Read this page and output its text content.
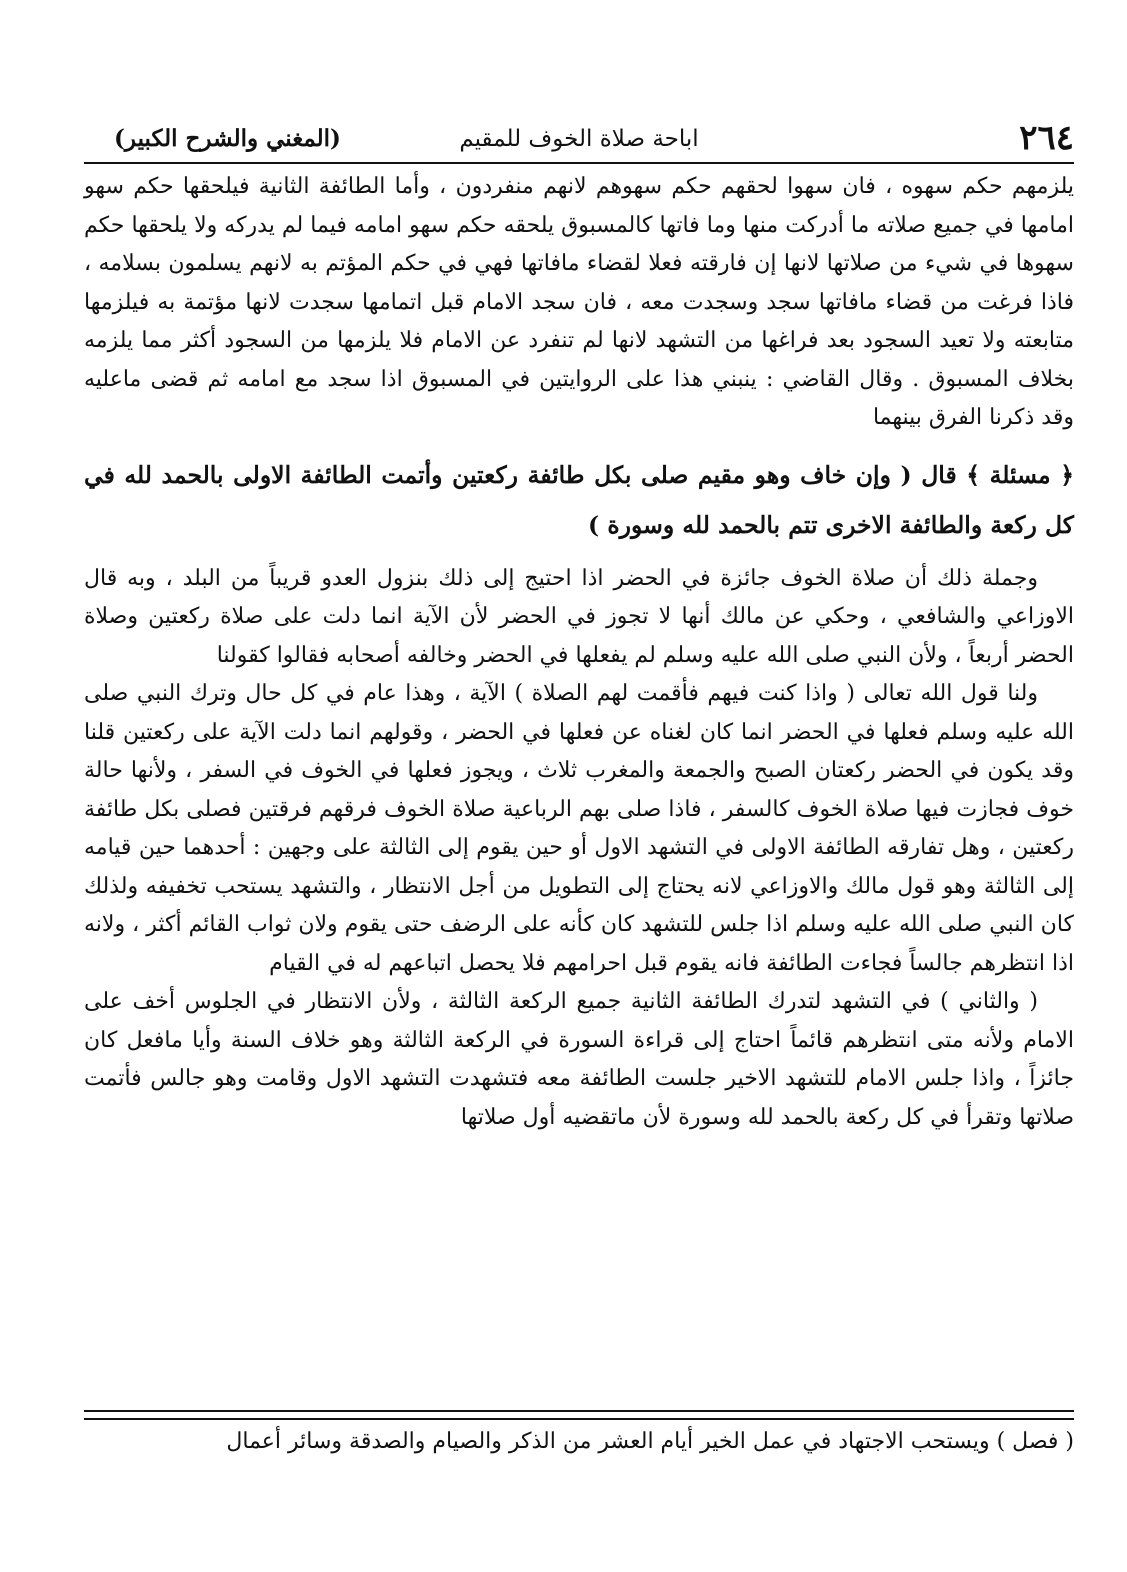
٢٦٤
اباحة صلاة الخوف للمقيم
(المغني والشرح الكبير)

يلزمهم حكم سهوه ، فان سهوا لحقهم حكم سهوهم لانهم منفردون ، وأما الطائفة الثانية فيلحقها حكم سهو امامها في جميع صلاته ما أدركت منها وما فاتها كالمسبوق يلحقه حكم سهو امامه فيما لم يدركه ولا يلحقها حكم سهوها في شيء من صلاتها لانها إن فارقته فعلا لقضاء مافاتها فهي في حكم المؤتم به لانهم يسلمون بسلامه ، فاذا فرغت من قضاء مافاتها سجد وسجدت معه ، فان سجد الامام قبل اتمامها سجدت لانها مؤتمة به فيلزمها متابعته ولا تعيد السجود بعد فراغها من التشهد لانها لم تنفرد عن الامام فلا يلزمها من السجود أكثر مما يلزمه بخلاف المسبوق . وقال القاضي : ينبني هذا على الروايتين في المسبوق اذا سجد مع امامه ثم قضى ماعليه وقد ذكرنا الفرق بينهما

﴿ مسئلة ﴾ قال ( وإن خاف وهو مقيم صلى بكل طائفة ركعتين وأتمت الطائفة الاولى بالحمد لله في كل ركعة والطائفة الاخرى تتم بالحمد لله وسورة )

وجملة ذلك أن صلاة الخوف جائزة في الحضر اذا احتيج إلى ذلك بنزول العدو قريباً من البلد ، وبه قال الاوزاعي والشافعي ، وحكي عن مالك أنها لا تجوز في الحضر لأن الآية انما دلت على صلاة ركعتين وصلاة الحضر أربعاً ، ولأن النبي صلى الله عليه وسلم لم يفعلها في الحضر وخالفه أصحابه فقالوا كقولنا

ولنا قول الله تعالى ( واذا كنت فيهم فأقمت لهم الصلاة ) الآية ، وهذا عام في كل حال وترك النبي صلى الله عليه وسلم فعلها في الحضر انما كان لغناه عن فعلها في الحضر ، وقولهم انما دلت الآية على ركعتين قلنا وقد يكون في الحضر ركعتان الصبح والجمعة والمغرب ثلاث ، ويجوز فعلها في الخوف في السفر ، ولأنها حالة خوف فجازت فيها صلاة الخوف كالسفر ، فاذا صلى بهم الرباعية صلاة الخوف فرقهم فرقتين فصلى بكل طائفة ركعتين ، وهل تفارقه الطائفة الاولى في التشهد الاول أو حين يقوم إلى الثالثة على وجهين : أحدهما حين قيامه إلى الثالثة وهو قول مالك والاوزاعي لانه يحتاج إلى التطويل من أجل الانتظار ، والتشهد يستحب تخفيفه ولذلك كان النبي صلى الله عليه وسلم اذا جلس للتشهد كان كأنه على الرضف حتى يقوم ولان ثواب القائم أكثر ، ولانه اذا انتظرهم جالساً فجاءت الطائفة فانه يقوم قبل احرامهم فلا يحصل اتباعهم له في القيام

( والثاني ) في التشهد لتدرك الطائفة الثانية جميع الركعة الثالثة ، ولأن الانتظار في الجلوس أخف على الامام ولأنه متى انتظرهم قائماً احتاج إلى قراءة السورة في الركعة الثالثة وهو خلاف السنة وأيا مافعل كان جائزاً ، واذا جلس الامام للتشهد الاخير جلست الطائفة معه فتشهدت التشهد الاول وقامت وهو جالس فأتمت صلاتها وتقرأ في كل ركعة بالحمد لله وسورة لأن ماتقضيه أول صلاتها

( فصل ) ويستحب الاجتهاد في عمل الخير أيام العشر من الذكر والصيام والصدقة وسائر أعمال
